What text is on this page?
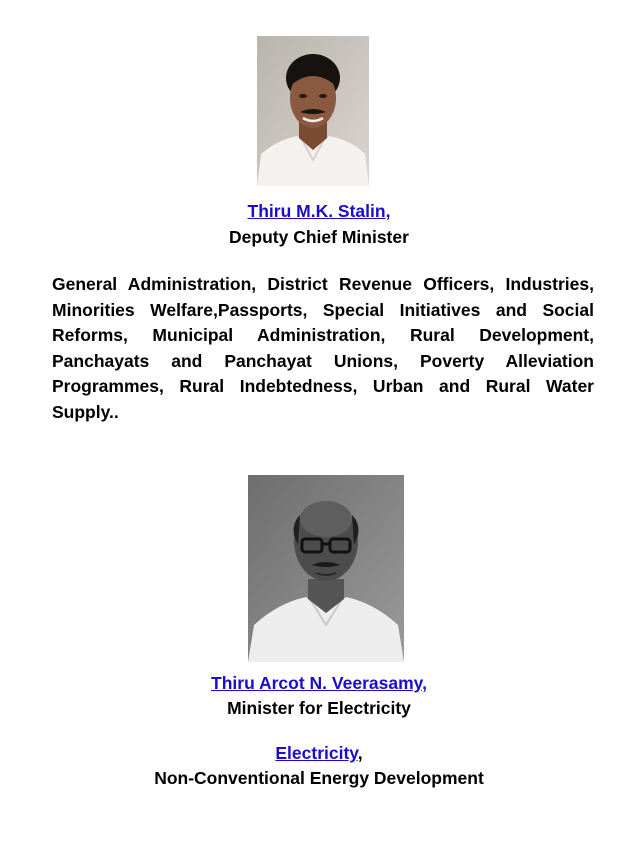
Thiru M.K. Stalin,
Deputy Chief Minister

General Administration, District Revenue Officers, Industries, Minorities Welfare,Passports, Special Initiatives and Social Reforms, Municipal Administration, Rural Development, Panchayats and Panchayat Unions, Poverty Alleviation Programmes, Rural Indebtedness, Urban and Rural Water Supply..

Thiru Arcot N. Veerasamy,
Minister for Electricity
Electricity,
Non-Conventional Energy Development
